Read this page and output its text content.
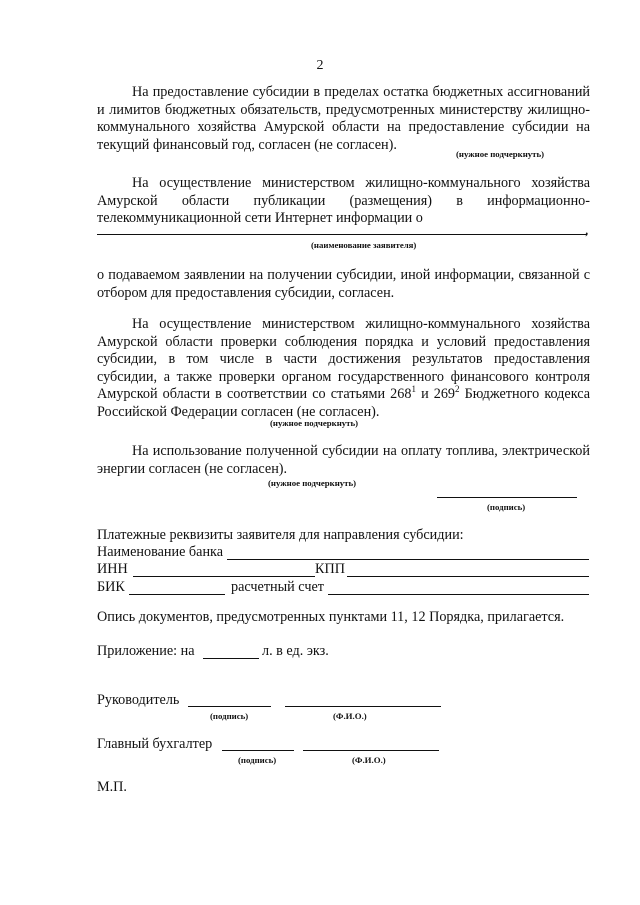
2
На предоставление субсидии в пределах остатка бюджетных ассигнований и лимитов бюджетных обязательств, предусмотренных министерству жилищно-коммунального хозяйства Амурской области на предоставление субсидии на текущий финансовый год, согласен (не согласен).
(нужное подчеркнуть)
На осуществление министерством жилищно-коммунального хозяйства Амурской области публикации (размещения) в информационно-телекоммуникационной сети Интернет информации о
,
(наименование заявителя)
о подаваемом заявлении на получении субсидии, иной информации, связанной с отбором для предоставления субсидии, согласен.
На осуществление министерством жилищно-коммунального хозяйства Амурской области проверки соблюдения порядка и условий предоставления субсидии, в том числе в части достижения результатов предоставления субсидии, а также проверки органом государственного финансового контроля Амурской области в соответствии со статьями $268^1$ и $269^2$ Бюджетного кодекса Российской Федерации согласен (не согласен).
(нужное подчеркнуть)
На использование полученной субсидии на оплату топлива, электрической энергии согласен (не согласен).
(нужное подчеркнуть)
(подпись)
Платежные реквизиты заявителя для направления субсидии:
Наименование банка
ИНН	КПП
БИК	расчетный счет
Опись документов, предусмотренных пунктами 11, 12 Порядка, прилагается.
Приложение: на	л. в ед. экз.
Руководитель
(подпись)	(Ф.И.О.)
Главный бухгалтер
(подпись)	(Ф.И.О.)
М.П.
